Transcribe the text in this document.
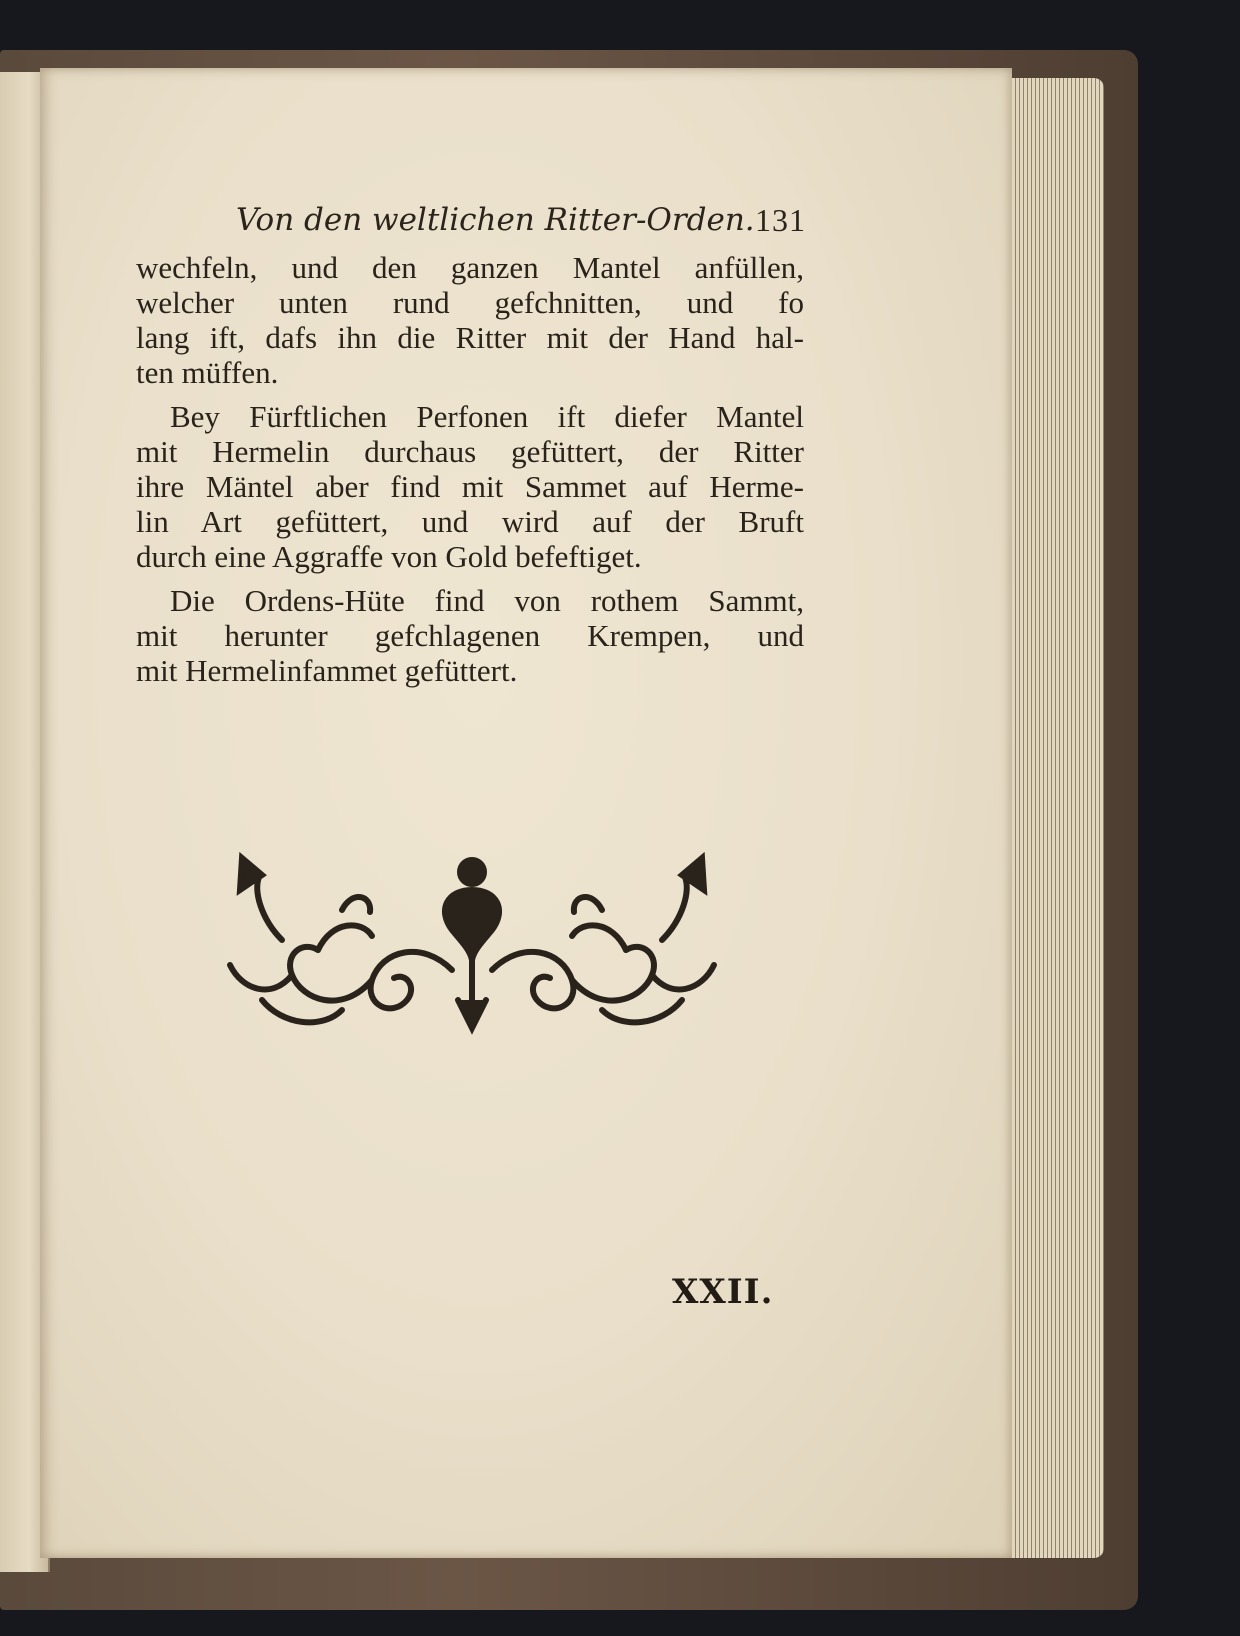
Von den weltlichen Ritter-Orden. 131
wechfeln, und den ganzen Mantel anfüllen,
welcher unten rund gefchnitten, und fo
lang ift, dafs ihn die Ritter mit der Hand hal-
ten müffen.
Bey Fürftlichen Perfonen ift diefer Mantel
mit Hermelin durchaus gefüttert, der Ritter
ihre Mäntel aber find mit Sammet auf Herme-
lin Art gefüttert, und wird auf der Bruft
durch eine Aggraffe von Gold befeftiget.
Die Ordens-Hüte find von rothem Sammt,
mit herunter gefchlagenen Krempen, und
mit Hermelinfammet gefüttert.
XXII.
